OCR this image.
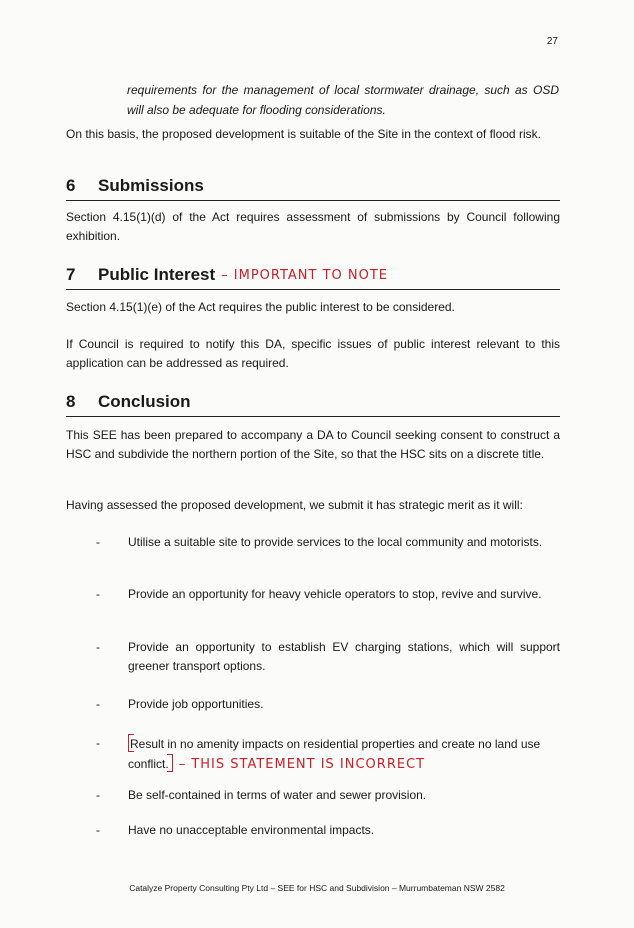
27
requirements for the management of local stormwater drainage, such as OSD will also be adequate for flooding considerations.
On this basis, the proposed development is suitable of the Site in the context of flood risk.
6 Submissions
Section 4.15(1)(d) of the Act requires assessment of submissions by Council following exhibition.
7 Public Interest – IMPORTANT TO NOTE
Section 4.15(1)(e) of the Act requires the public interest to be considered.
If Council is required to notify this DA, specific issues of public interest relevant to this application can be addressed as required.
8 Conclusion
This SEE has been prepared to accompany a DA to Council seeking consent to construct a HSC and subdivide the northern portion of the Site, so that the HSC sits on a discrete title.
Having assessed the proposed development, we submit it has strategic merit as it will:
- Utilise a suitable site to provide services to the local community and motorists.
- Provide an opportunity for heavy vehicle operators to stop, revive and survive.
- Provide an opportunity to establish EV charging stations, which will support greener transport options.
- Provide job opportunities.
-	Result in no amenity impacts on residential properties and create no land use conflict. – THIS STATEMENT IS INCORRECT
- Be self-contained in terms of water and sewer provision.
- Have no unacceptable environmental impacts.
Catalyze Property Consulting Pty Ltd – SEE for HSC and Subdivision – Murrumbateman NSW 2582
